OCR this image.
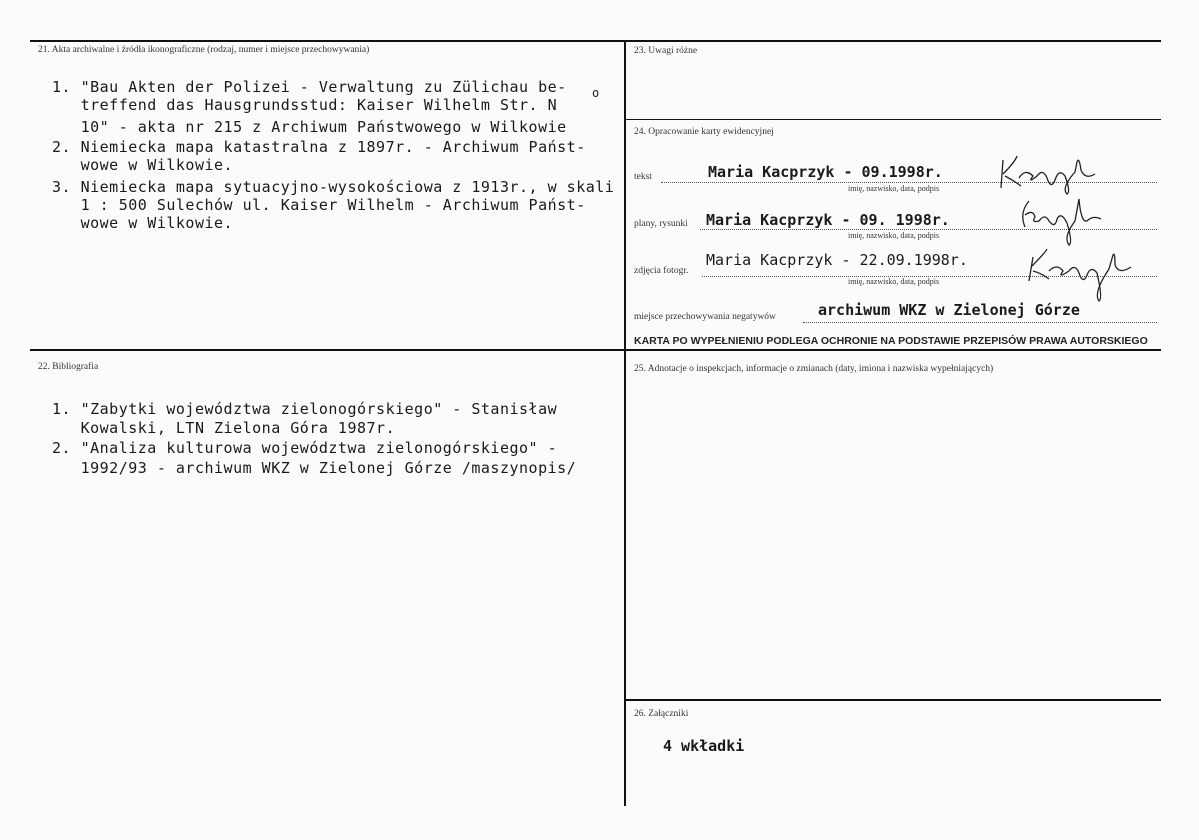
21. Akta archiwalne i źródła ikonograficzne (rodzaj, numer i miejsce przechowywania)
1. "Bau Akten der Polizei - Verwaltung zu Zülichau be-
treffend das Hausgrundsstud: Kaiser Wilhelm Str. N
o
10" - akta nr 215 z Archiwum Państwowego w Wilkowie
2. Niemiecka mapa katastralna z 1897r. - Archiwum Państ-
wowe w Wilkowie.
3. Niemiecka mapa sytuacyjno-wysokościowa z 1913r., w skali
1 : 500 Sulechów ul. Kaiser Wilhelm - Archiwum Państ-
wowe w Wilkowie.
22. Bibliografia
1. "Zabytki województwa zielonogórskiego" - Stanisław
Kowalski, LTN Zielona Góra 1987r.
2. "Analiza kulturowa województwa zielonogórskiego" -
1992/93 - archiwum WKZ w Zielonej Górze /maszynopis/
23. Uwagi różne
24. Opracowanie karty ewidencyjnej
tekst	Maria Kacprzyk - 09.1998r.
imię, nazwisko, data, podpis
plany, rysunki Maria Kacprzyk - 09. 1998r.
imię, nazwisko, data, podpis
zdjęcia fotogr.
Maria Kacprzyk - 22.09.1998r.
imię, nazwisko, data, podpis
miejsce przechowywania negatywów	archiwum WKZ w Zielonej Górze
KARTA PO WYPEŁNIENIU PODLEGA OCHRONIE NA PODSTAWIE PRZEPISÓW PRAWA AUTORSKIEGO
25. Adnotacje o inspekcjach, informacje o zmianach (daty, imiona i nazwiska wypełniających)
26. Załączniki
4 wkładki
